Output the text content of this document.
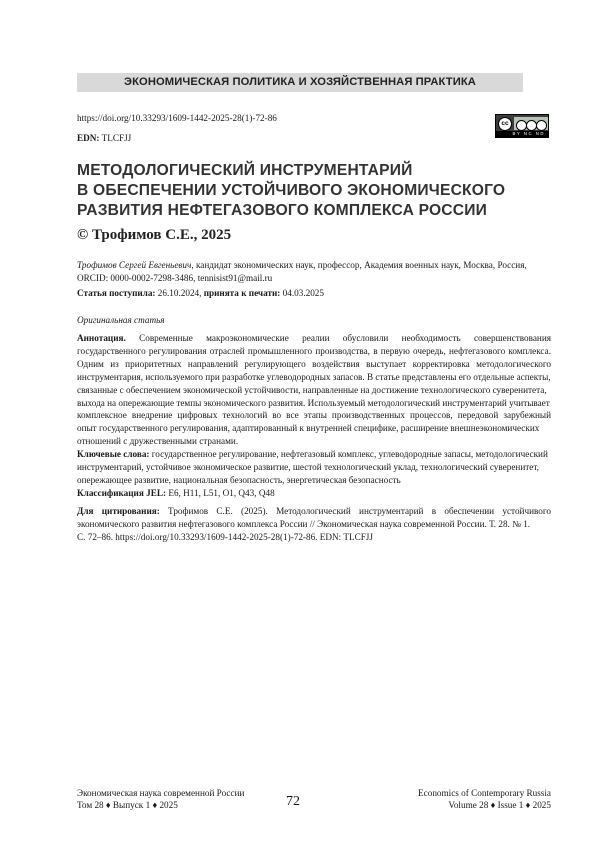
ЭКОНОМИЧЕСКАЯ ПОЛИТИКА И ХОЗЯЙСТВЕННАЯ ПРАКТИКА
https://doi.org/10.33293/1609-1442-2025-28(1)-72-86
EDN: TLCFJJ
cc
BY NC ND
МЕТОДОЛОГИЧЕСКИЙ ИНСТРУМЕНТАРИЙ
В ОБЕСПЕЧЕНИИ УСТОЙЧИВОГО ЭКОНОМИЧЕСКОГО
РАЗВИТИЯ НЕФТЕГАЗОВОГО КОМПЛЕКСА РОССИИ
© Трофимов С.Е., 2025
Трофимов Сергей Евгеньевич, кандидат экономических наук, профессор, Академия военных наук, Москва, Россия,
ORCID: 0000-0002-7298-3486, tennisist91@mail.ru
Статья поступила: 26.10.2024, принята к печати: 04.03.2025
Оригинальная статья
Аннотация. Современные макроэкономические реалии обусловили необходимость совершенствования
государственного регулирования отраслей промышленного производства, в первую очередь, нефтегазового комплекса.
Одним из приоритетных направлений регулирующего воздействия выступает корректировка методологического
инструментария, используемого при разработке углеводородных запасов. В статье представлены его отдельные аспекты,
связанные с обеспечением экономической устойчивости, направленные на достижение технологического суверенитета,
выхода на опережающие темпы экономического развития. Используемый методологический инструментарий учитывает
комплексное внедрение цифровых технологий во все этапы производственных процессов, передовой зарубежный
опыт государственного регулирования, адаптированный к внутренней специфике, расширение внешнеэкономических
отношений с дружественными странами.
Ключевые слова: государственное регулирование, нефтегазовый комплекс, углеводородные запасы, методологический
инструментарий, устойчивое экономическое развитие, шестой технологический уклад, технологический суверенитет,
опережающее развитие, национальная безопасность, энергетическая безопасность
Классификация JEL: E6, H11, L51, O1, Q43, Q48
Для цитирования: Трофимов С.Е. (2025). Методологический инструментарий в обеспечении устойчивого
экономического развития нефтегазового комплекса России // Экономическая наука современной России. Т. 28. № 1.
С. 72–86. https://doi.org/10.33293/1609-1442-2025-28(1)-72-86. EDN: TLCFJJ
Экономическая наука современной России
Том 28 ♦ Выпуск 1 ♦ 2025	72
Economics of Contemporary Russia
Volume 28 ♦ Issue 1 ♦ 2025
